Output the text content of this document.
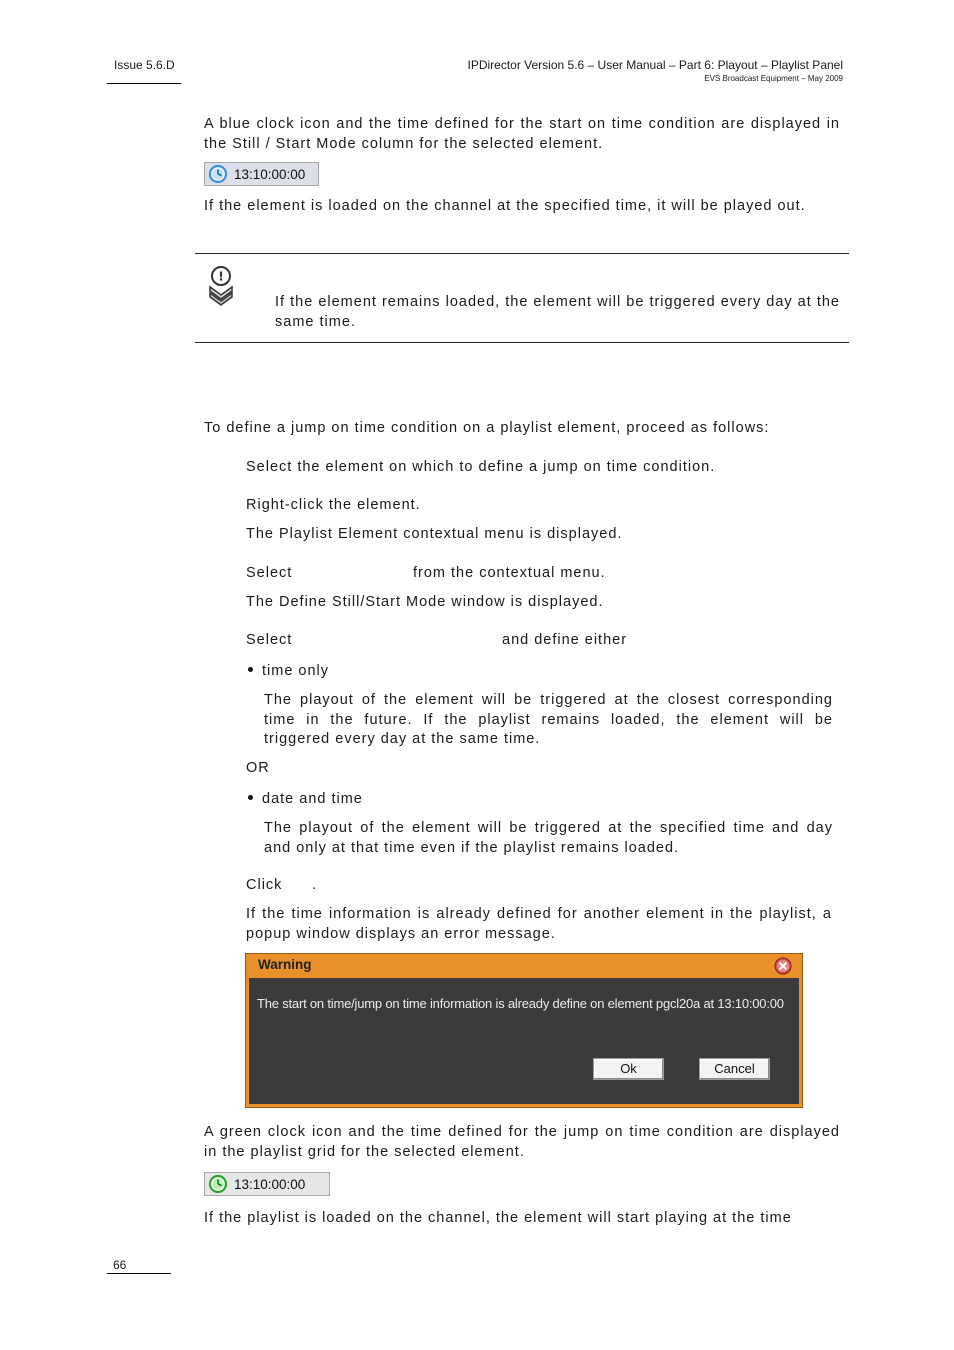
Issue 5.6.D	IPDirector Version 5.6 – User Manual – Part 6: Playout – Playlist Panel
EVS Broadcast Equipment – May 2009
A blue clock icon and the time defined for the start on time condition are displayed in the Still / Start Mode column for the selected element.
13:10:00:00
If the element is loaded on the channel at the specified time, it will be played out.
!
If the element remains loaded, the element will be triggered every day at the same time.
To define a jump on time condition on a playlist element, proceed as follows:
Select the element on which to define a jump on time condition.
Right-click the element.
The Playlist Element contextual menu is displayed.
Select	from the contextual menu.
The Define Still/Start Mode window is displayed.
Select	and define either
time only
The playout of the element will be triggered at the closest corresponding time in the future. If the playlist remains loaded, the element will be triggered every day at the same time.
OR
date and time
The playout of the element will be triggered at the specified time and day and only at that time even if the playlist remains loaded.
Click .
If the time information is already defined for another element in the playlist, a popup window displays an error message.
Warning
The start on time/jump on time information is already define on element pgcl20a at 13:10:00:00
Ok	Cancel
A green clock icon and the time defined for the jump on time condition are displayed in the playlist grid for the selected element.
13:10:00:00
If the playlist is loaded on the channel, the element will start playing at the time
66
